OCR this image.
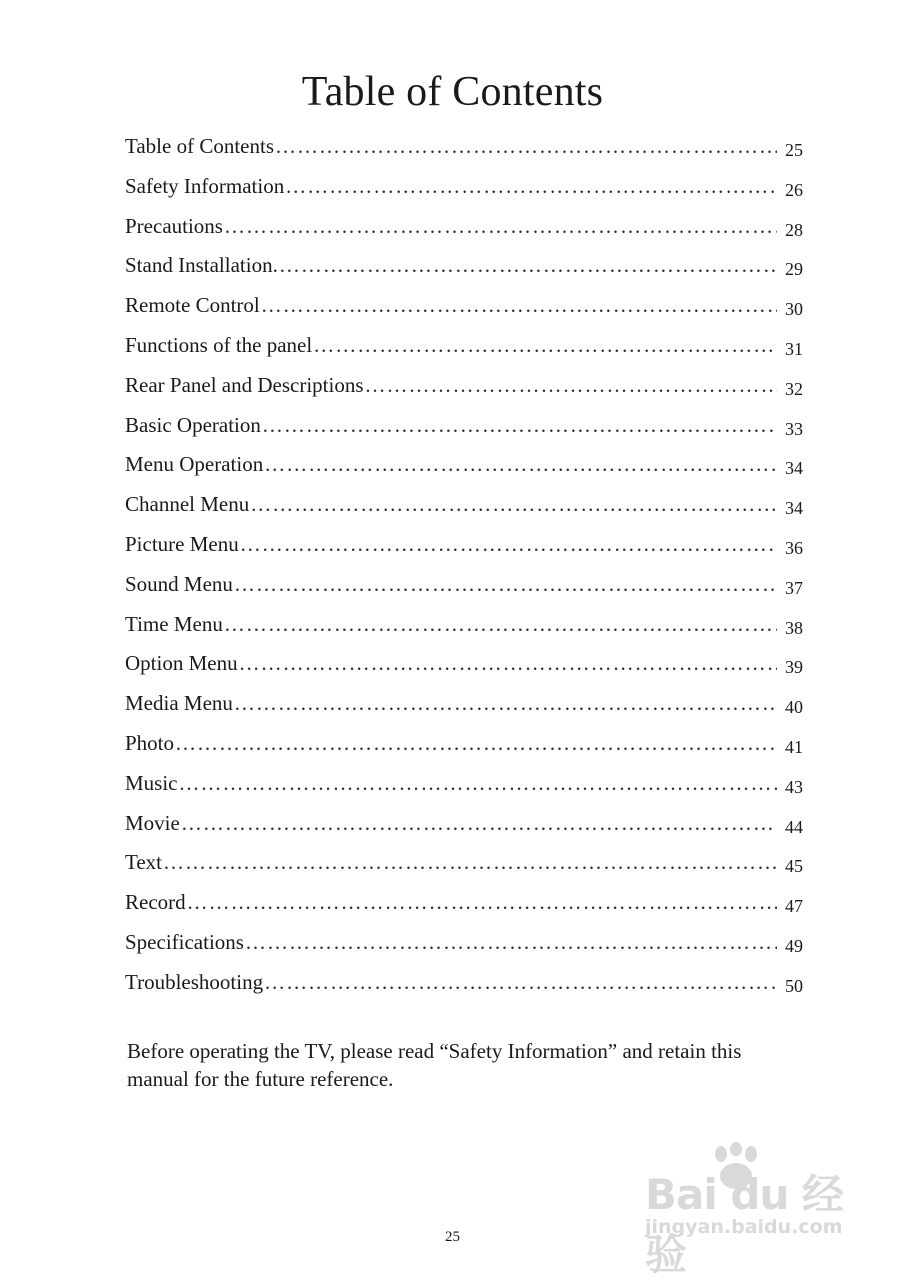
Table of Contents
Table of Contents ………………………………………………………………………………………………………………………………	25
Safety Information ………………………………………………………………………………………………………………………………	26
Precautions ………………………………………………………………………………………………………………………………	28
Stand Installation. ………………………………………………………………………………………………………………………………	29
Remote Control ………………………………………………………………………………………………………………………………	30
Functions of the panel ………………………………………………………………………………………………………………………………	31
Rear Panel and Descriptions ………………………………………………………………………………………………………………………………	32
Basic Operation ………………………………………………………………………………………………………………………………	33
Menu Operation ………………………………………………………………………………………………………………………………	34
Channel Menu ………………………………………………………………………………………………………………………………	34
Picture Menu ………………………………………………………………………………………………………………………………	36
Sound Menu ………………………………………………………………………………………………………………………………	37
Time Menu ………………………………………………………………………………………………………………………………	38
Option Menu ………………………………………………………………………………………………………………………………	39
Media Menu ………………………………………………………………………………………………………………………………	40
Photo ………………………………………………………………………………………………………………………………	41
Music ………………………………………………………………………………………………………………………………	43
Movie ………………………………………………………………………………………………………………………………	44
Text ………………………………………………………………………………………………………………………………	45
Record ………………………………………………………………………………………………………………………………	47
Specifications ………………………………………………………………………………………………………………………………	49
Troubleshooting ………………………………………………………………………………………………………………………………	50
Before operating the TV, please read “Safety Information” and retain this manual for the future reference.
Bai du 经验
jingyan.baidu.com
25
